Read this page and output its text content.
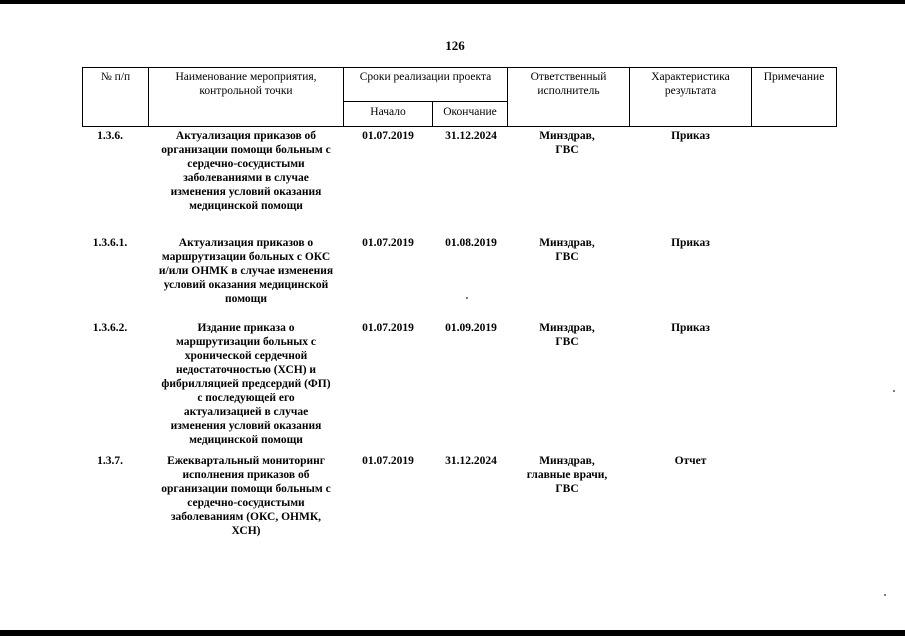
126
№ п/п	Наименование мероприятия,
контрольной точки
Сроки реализации проекта
Начало	Окончание
Ответственный
исполнитель
Характеристика
результата
Примечание
1.3.6.	Актуализация приказов об
организации помощи больным с
сердечно-сосудистыми
заболеваниями в случае
изменения условий оказания
медицинской помощи
01.07.2019	31.12.2024	Минздрав,
ГВС
Приказ
1.3.6.1.	Актуализация приказов о
маршрутизации больных с ОКС
и/или ОНМК в случае изменения
условий оказания медицинской
помощи
01.07.2019	01.08.2019	Минздрав,
ГВС
Приказ
1.3.6.2.	Издание приказа о
маршрутизации больных с
хронической сердечной
недостаточностью (ХСН) и
фибрилляцией предсердий (ФП)
с последующей его
актуализацией в случае
изменения условий оказания
медицинской помощи
01.07.2019	01.09.2019	Минздрав,
ГВС
Приказ
1.3.7.	Ежеквартальный мониторинг
исполнения приказов об
организации помощи больным с
сердечно-сосудистыми
заболеваниям (ОКС, ОНМК,
ХСН)
01.07.2019	31.12.2024	Минздрав,
главные врачи,
ГВС
Отчет
